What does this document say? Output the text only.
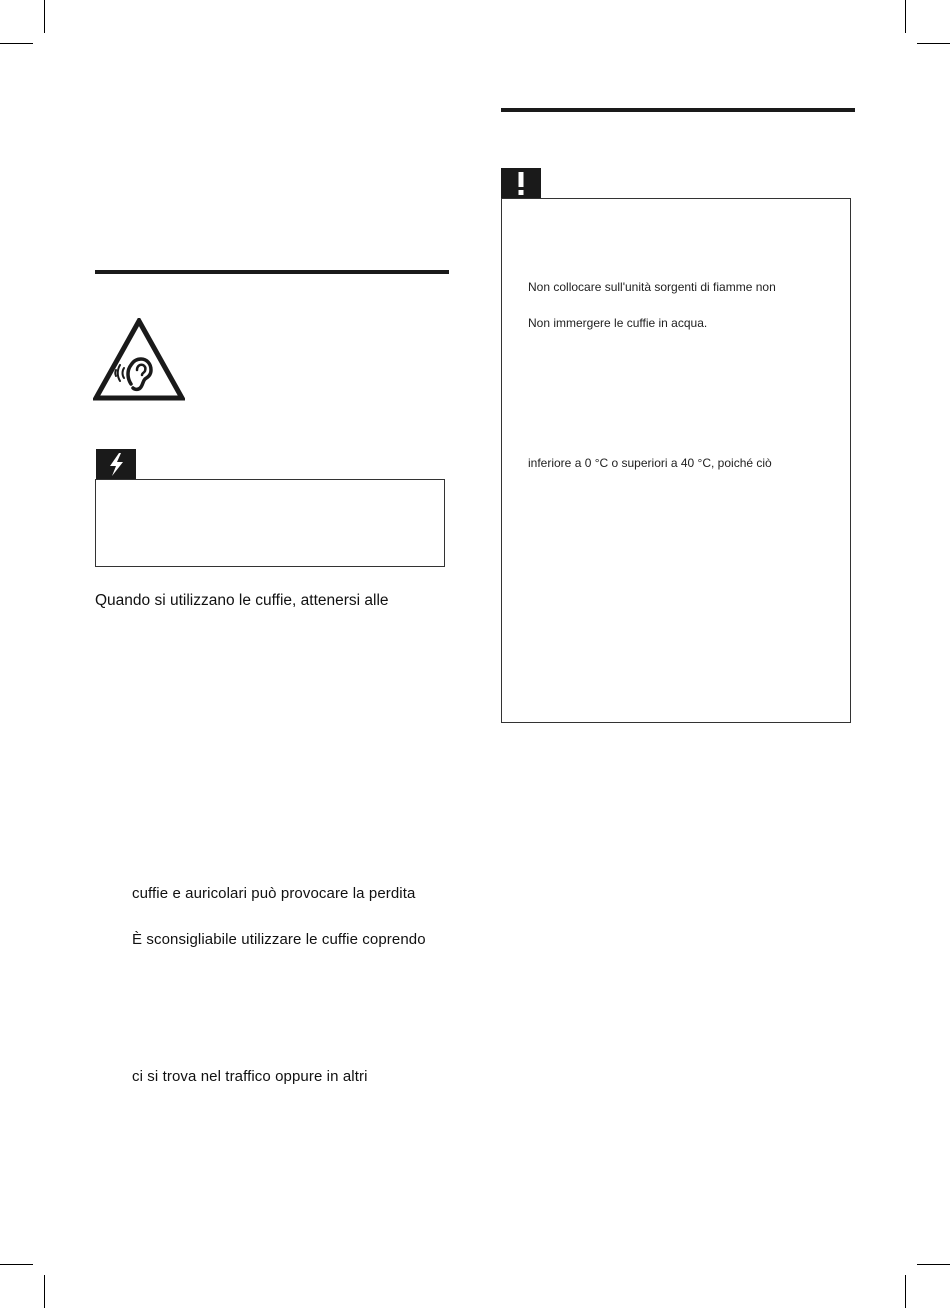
Quando si utilizzano le cuffie, attenersi alle
cuffie e auricolari può provocare la perdita
È sconsigliabile utilizzare le cuffie coprendo
ci si trova nel traffico oppure in altri
Non collocare sull'unità sorgenti di fiamme non
Non immergere le cuffie in acqua.
inferiore a 0 °C o superiori a 40 °C, poiché ciò
